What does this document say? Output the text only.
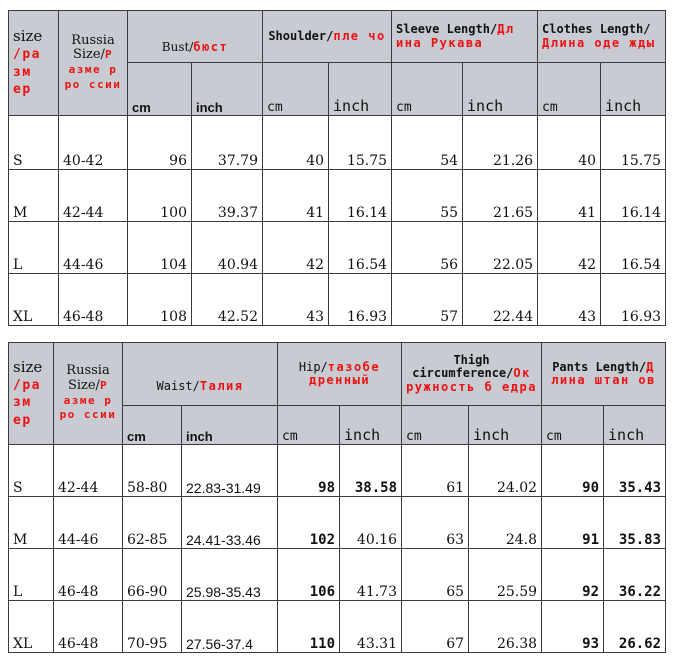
size
/ра зм ер	Russia Size/Р азме р ро ссии	Bust/бюст		Shoulder/пле чо		Sleeve Length/Дл ина Рукава		Clothes Length/Длина оде жды	
		cm	inch	cm	inch	cm	inch	cm	inch
S	40-42	96	37.79	40	15.75	54	21.26	40	15.75
M	42-44	100	39.37	41	16.14	55	21.65	41	16.14
L	44-46	104	40.94	42	16.54	56	22.05	42	16.54
XL	46-48	108	42.52	43	16.93	57	22.44	43	16.93
size
/ра зм ер	Russia Size/Р азме р ро ссии	Waist/Талия		Hip/тазобе дренный		Thigh circumference/Ок ружность б едра		Pants Length/Д лина штан ов	
		cm	inch	cm	inch	cm	inch	cm	inch
S	42-44	58-80	22.83-31.49	98	38.58	61	24.02	90	35.43
M	44-46	62-85	24.41-33.46	102	40.16	63	24.8	91	35.83
L	46-48	66-90	25.98-35.43	106	41.73	65	25.59	92	36.22
XL	46-48	70-95	27.56-37.4	110	43.31	67	26.38	93	26.62
